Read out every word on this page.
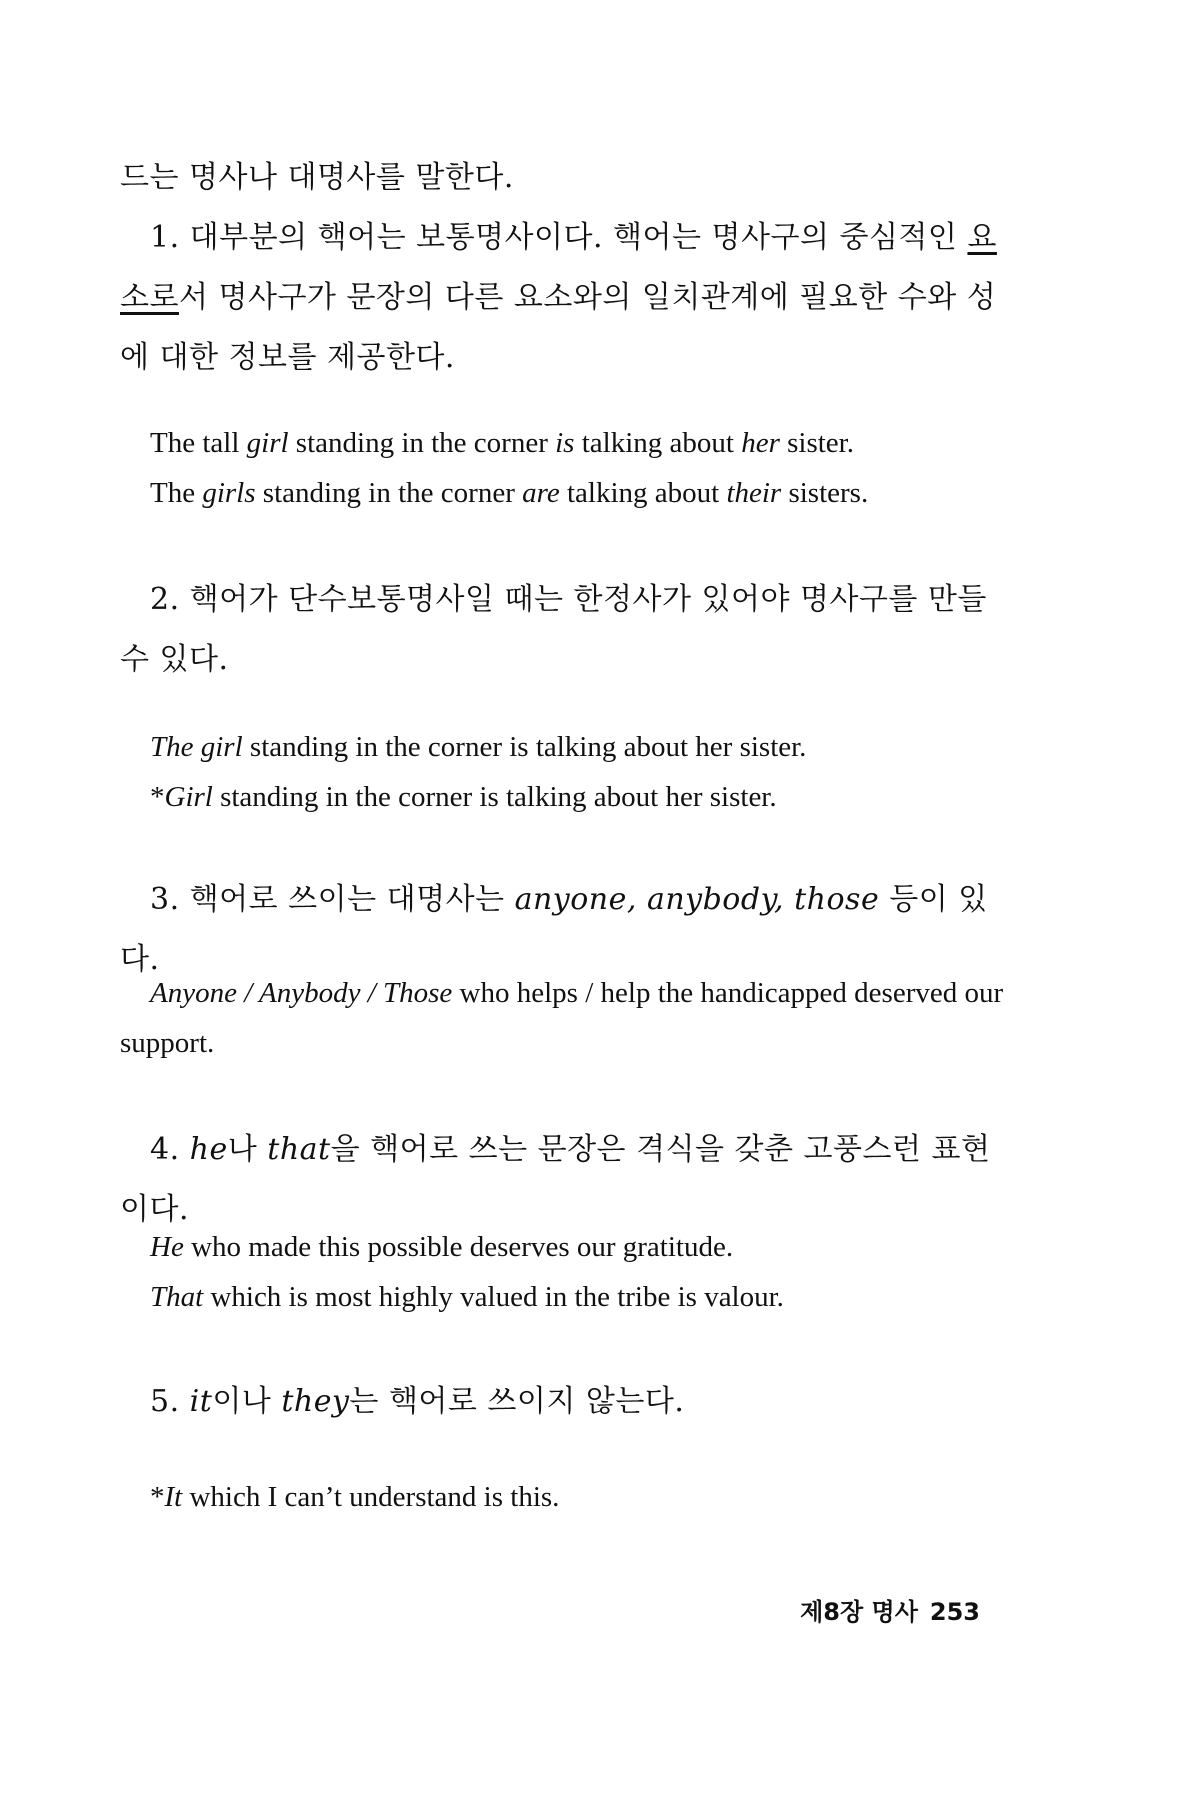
드는 명사나 대명사를 말한다.

1. 대부분의 핵어는 보통명사이다. 핵어는 명사구의 중심적인 요소로서 명사구가 문장의 다른 요소와의 일치관계에 필요한 수와 성에 대한 정보를 제공한다.

The tall girl standing in the corner is talking about her sister.

The girls standing in the corner are talking about their sisters.

2. 핵어가 단수보통명사일 때는 한정사가 있어야 명사구를 만들 수 있다.

The girl standing in the corner is talking about her sister.

*Girl standing in the corner is talking about her sister.

3. 핵어로 쓰이는 대명사는 anyone, anybody, those 등이 있다.

Anyone / Anybody / Those who helps / help the handicapped deserved our support.

4. he나 that을 핵어로 쓰는 문장은 격식을 갖춘 고풍스런 표현이다.

He who made this possible deserves our gratitude.

That which is most highly valued in the tribe is valour.

5. it이나 they는 핵어로 쓰이지 않는다.

*It which I can’t understand is this.

제8장 명사 253
